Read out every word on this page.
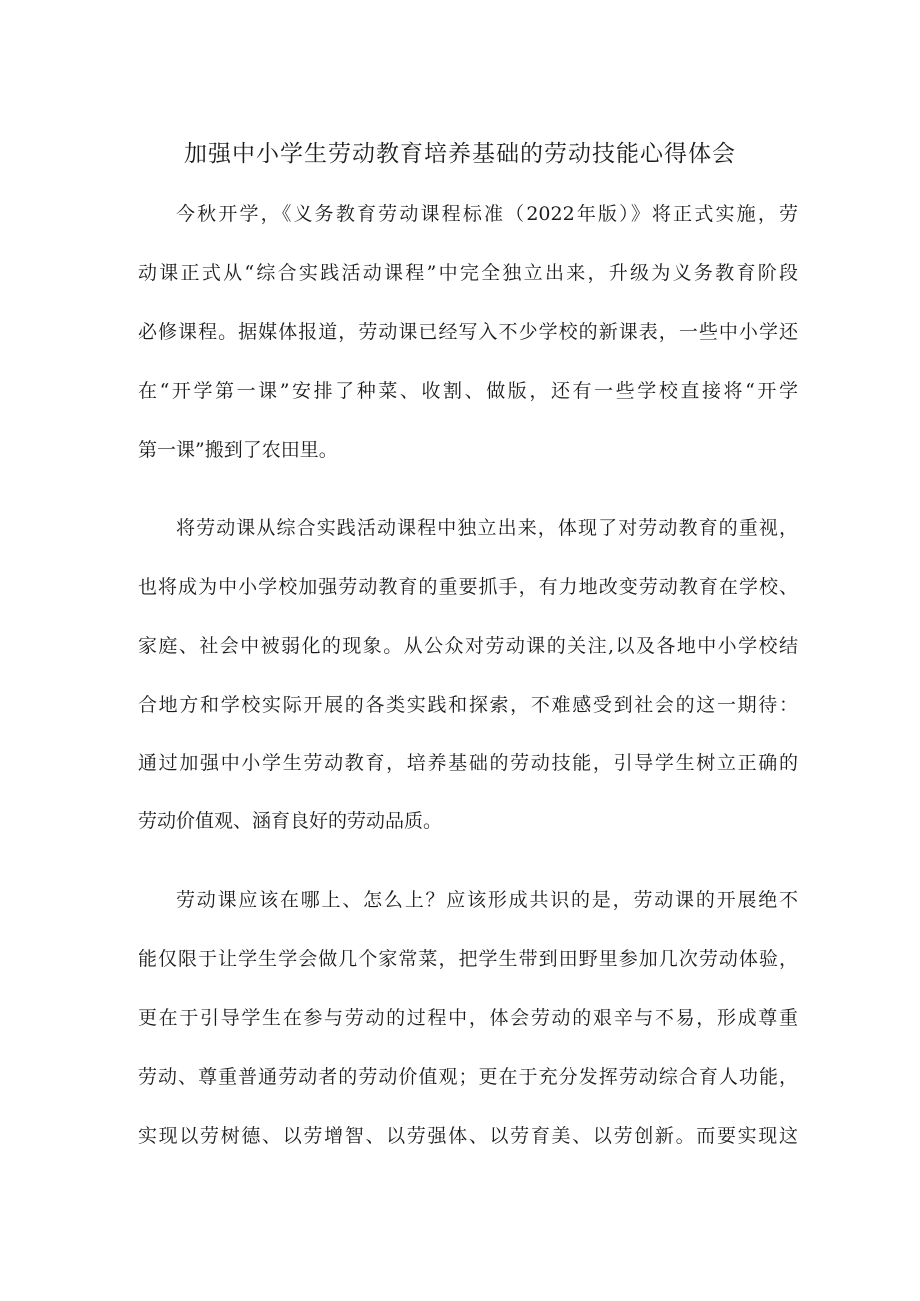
加强中小学生劳动教育培养基础的劳动技能心得体会

今秋开学，《义务教育劳动课程标准（2022年版）》将正式实施，劳

动课正式从“综合实践活动课程”中完全独立出来，升级为义务教育阶段

必修课程。据媒体报道，劳动课已经写入不少学校的新课表，一些中小学还

在“开学第一课”安排了种菜、收割、做版，还有一些学校直接将“开学

第一课”搬到了农田里。

将劳动课从综合实践活动课程中独立出来，体现了对劳动教育的重视，

也将成为中小学校加强劳动教育的重要抓手，有力地改变劳动教育在学校、

家庭、社会中被弱化的现象。从公众对劳动课的关注,以及各地中小学校结

合地方和学校实际开展的各类实践和探索，不难感受到社会的这一期待：

通过加强中小学生劳动教育，培养基础的劳动技能，引导学生树立正确的

劳动价值观、涵育良好的劳动品质。

劳动课应该在哪上、怎么上？应该形成共识的是，劳动课的开展绝不

能仅限于让学生学会做几个家常菜，把学生带到田野里参加几次劳动体验，

更在于引导学生在参与劳动的过程中，体会劳动的艰辛与不易，形成尊重

劳动、尊重普通劳动者的劳动价值观；更在于充分发挥劳动综合育人功能，

实现以劳树德、以劳增智、以劳强体、以劳育美、以劳创新。而要实现这
